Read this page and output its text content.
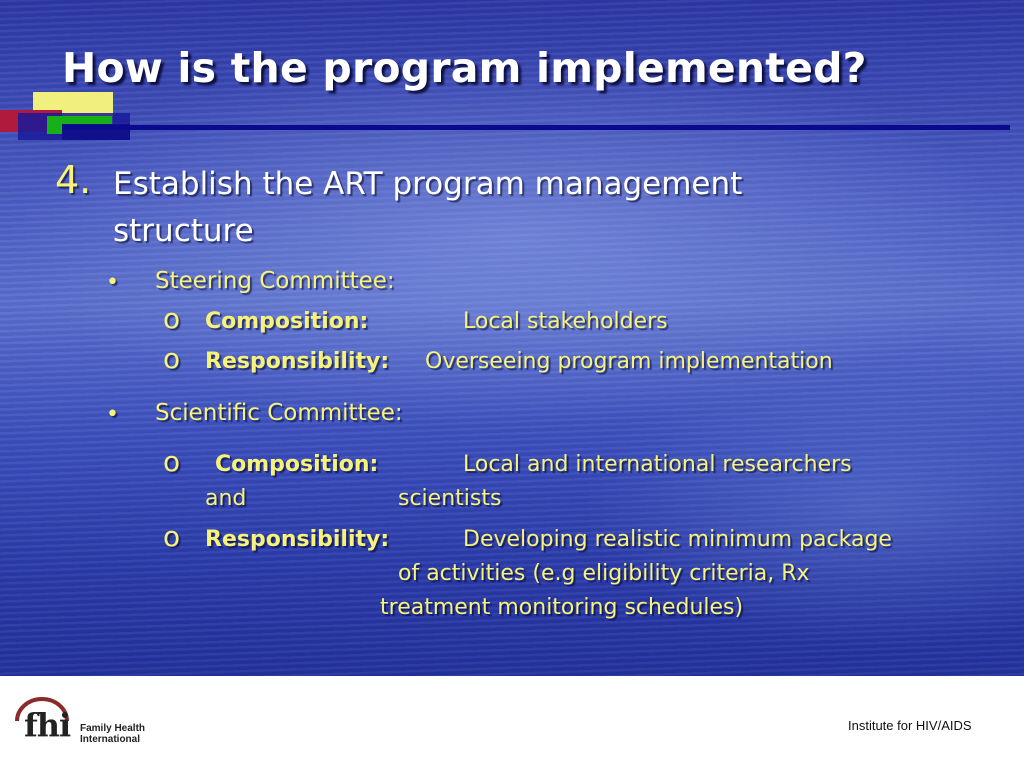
How is the program implemented?
4. Establish the ART program management
structure
• Steering Committee:
o Composition:	Local stakeholders
o Responsibility: Overseeing program implementation
• Scientific Committee:
o Composition:	Local and international researchers
and	scientists
o Responsibility:	Developing realistic minimum package
of activities (e.g eligibility criteria, Rx
treatment monitoring schedules)
fhi Family Health
International
Institute for HIV/AIDS
